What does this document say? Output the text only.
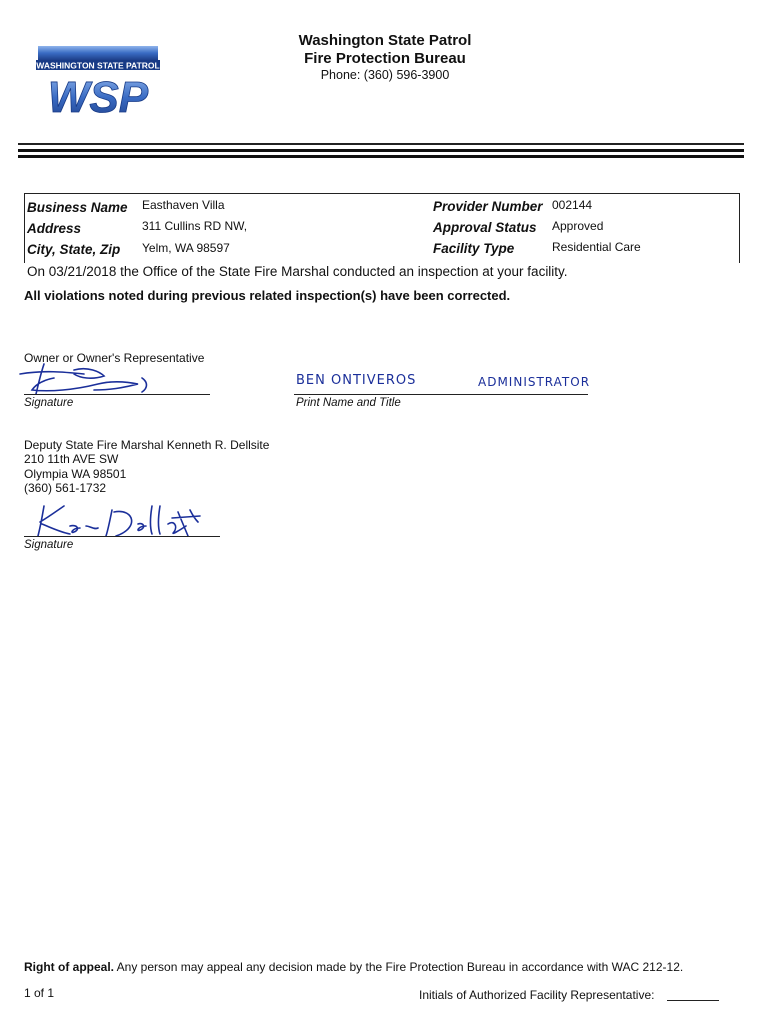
WASHINGTON STATE PATROL
WSP
Washington State Patrol
Fire Protection Bureau
Phone: (360) 596-3900
Business Name Easthaven Villa
Address	311 Cullins RD NW,
City, State, Zip Yelm, WA 98597
Provider Number 002144
Approval Status Approved
Facility Type	Residential Care
On 03/21/2018 the Office of the State Fire Marshal conducted an inspection at your facility.
All violations noted during previous related inspection(s) have been corrected.
Owner or Owner's Representative
Signature
BEN ONTIVEROS	ADMINISTRATOR
Print Name and Title
Deputy State Fire Marshal Kenneth R. Dellsite
210 11th AVE SW
Olympia WA 98501
(360) 561-1732
Signature
Right of appeal. Any person may appeal any decision made by the Fire Protection Bureau in accordance with WAC 212-12.
1 of 1	Initials of Authorized Facility Representative:
